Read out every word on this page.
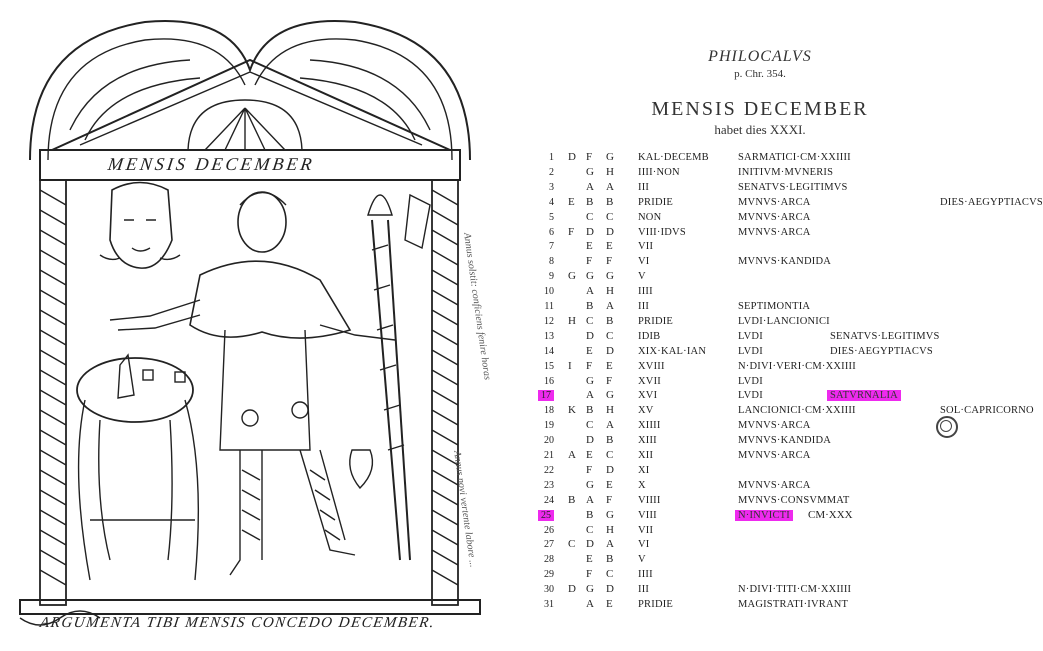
MENSIS DECEMBER
ARGUMENTA TIBI MENSIS CONCEDO DECEMBER.
Annus solstit: conficiens fenire horas
Annus novi vertente labore ...
PHILOCALVS
p. Chr. 354.
MENSIS DECEMBER
habet dies XXXI.
1 D F G KAL·DECEMB	SARMATICI·CM·XXIIII
2	G H IIII·NON	INITIVM·MVNERIS
3	A A III	SENATVS·LEGITIMVS
4 E B B PRIDIE	MVNVS·ARCA	DIES·AEGYPTIACVS
5	C C NON	MVNVS·ARCA
6 F D D VIII·IDVS	MVNVS·ARCA
7	E E VII
8	F F VI	MVNVS·KANDIDA
9 G G G V
10	A H IIII
11	B A III	SEPTIMONTIA
12 H C B PRIDIE	LVDI·LANCIONICI
13	D C IDIB	LVDI	SENATVS·LEGITIMVS
14	E D XIX·KAL·IAN	LVDI	DIES·AEGYPTIACVS
15 I F E XVIII	N·DIVI·VERI·CM·XXIIII
16	G F XVII	LVDI
17	A G XVI	LVDI	SATVRNALIA
18 K B H XV	LANCIONICI·CM·XXIIII	SOL·CAPRICORNO
19	C A XIIII	MVNVS·ARCA
20	D B XIII	MVNVS·KANDIDA
21 A E C XII	MVNVS·ARCA
22	F D XI
23	G E X	MVNVS·ARCA
24 B A F VIIII	MVNVS·CONSVMMAT
25	B G VIII	N·INVICTI CM·XXX
26	C H VII
27 C D A VI
28	E B V
29	F C IIII
30 D G D III	N·DIVI·TITI·CM·XXIIII
31	A E PRIDIE	MAGISTRATI·IVRANT
